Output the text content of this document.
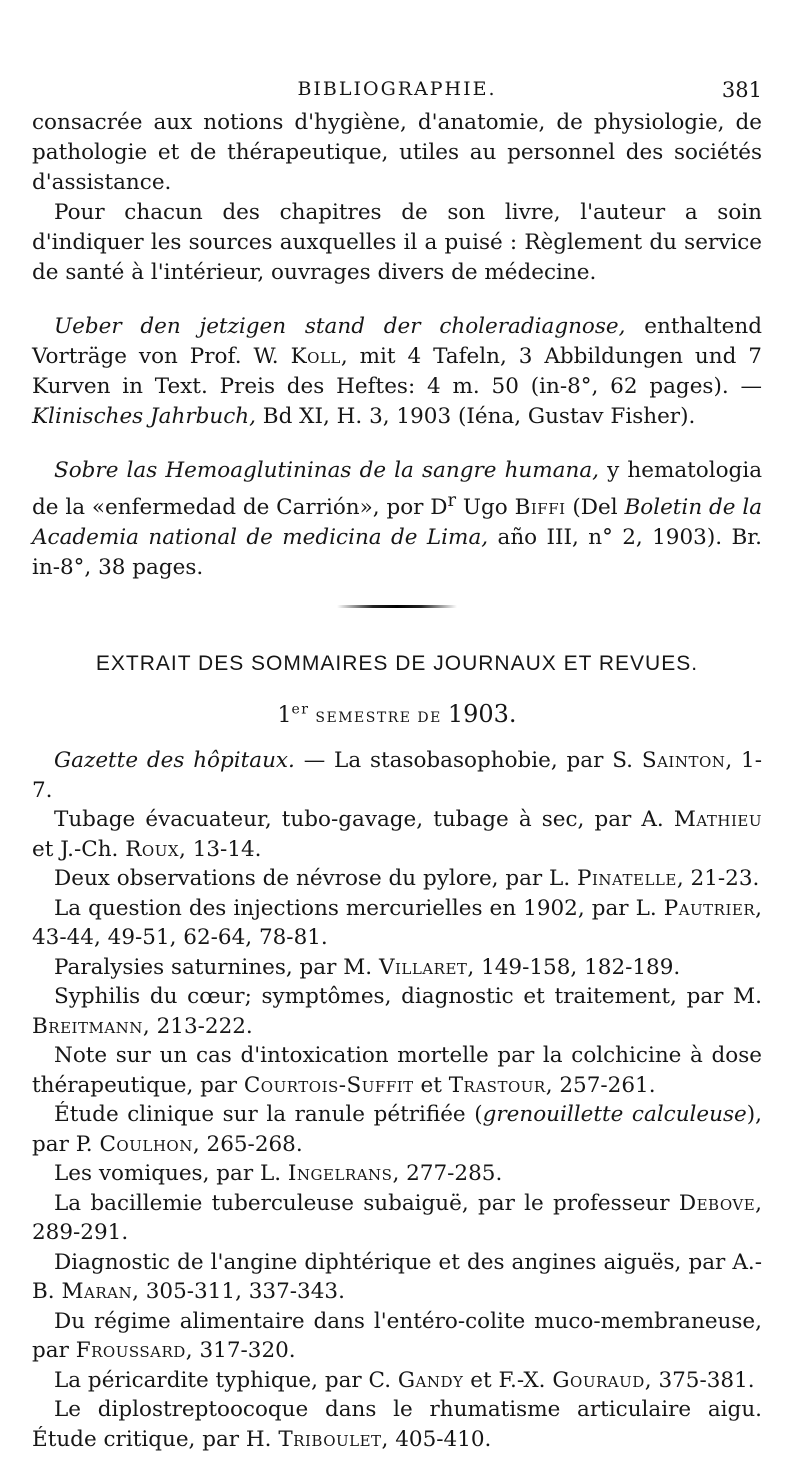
BIBLIOGRAPHIE.	381

consacrée aux notions d'hygiène, d'anatomie, de physiologie, de pathologie et de thérapeutique, utiles au personnel des sociétés d'assistance.

Pour chacun des chapitres de son livre, l'auteur a soin d'indiquer les sources auxquelles il a puisé : Règlement du service de santé à l'intérieur, ouvrages divers de médecine.

Ueber den jetzigen stand der choleradiagnose, enthaltend Vorträge von Prof. W. Koll, mit 4 Tafeln, 3 Abbildungen und 7 Kurven in Text. Preis des Heftes: 4 m. 50 (in-8°, 62 pages). — Klinisches Jahrbuch, Bd XI, H. 3, 1903 (Iéna, Gustav Fisher).

Sobre las Hemoaglutininas de la sangre humana, y hematologia de la «enfermedad de Carrión», por $D^r$ Ugo Biffi (Del Boletin de la Academia national de medicina de Lima, año III, n° 2, 1903). Br. in-8°, 38 pages.

EXTRAIT DES SOMMAIRES DE JOURNAUX ET REVUES.
1er SEMESTRE DE 1903.

Gazette des hôpitaux. — La stasobasophobie, par S. Sainton, 1-7.

Tubage évacuateur, tubo-gavage, tubage à sec, par A. Mathieu et J.-Ch. Roux, 13-14.

Deux observations de névrose du pylore, par L. Pinatelle, 21-23.

La question des injections mercurielles en 1902, par L. Pautrier, 43-44, 49-51, 62-64, 78-81.

Paralysies saturnines, par M. Villaret, 149-158, 182-189.

Syphilis du cœur; symptômes, diagnostic et traitement, par M. Breitmann, 213-222.

Note sur un cas d'intoxication mortelle par la colchicine à dose thérapeutique, par Courtois-Suffit et Trastour, 257-261.

Étude clinique sur la ranule pétrifiée (grenouillette calculeuse), par P. Coulhon, 265-268.

Les vomiques, par L. Ingelrans, 277-285.

La bacillemie tuberculeuse subaiguë, par le professeur Debove, 289-291.

Diagnostic de l'angine diphtérique et des angines aiguës, par A.-B. Maran, 305-311, 337-343.

Du régime alimentaire dans l'entéro-colite muco-membraneuse, par Froussard, 317-320.

La péricardite typhique, par C. Gandy et F.-X. Gouraud, 375-381.

Le diplostreptoocoque dans le rhumatisme articulaire aigu. Étude critique, par H. Triboulet, 405-410.
